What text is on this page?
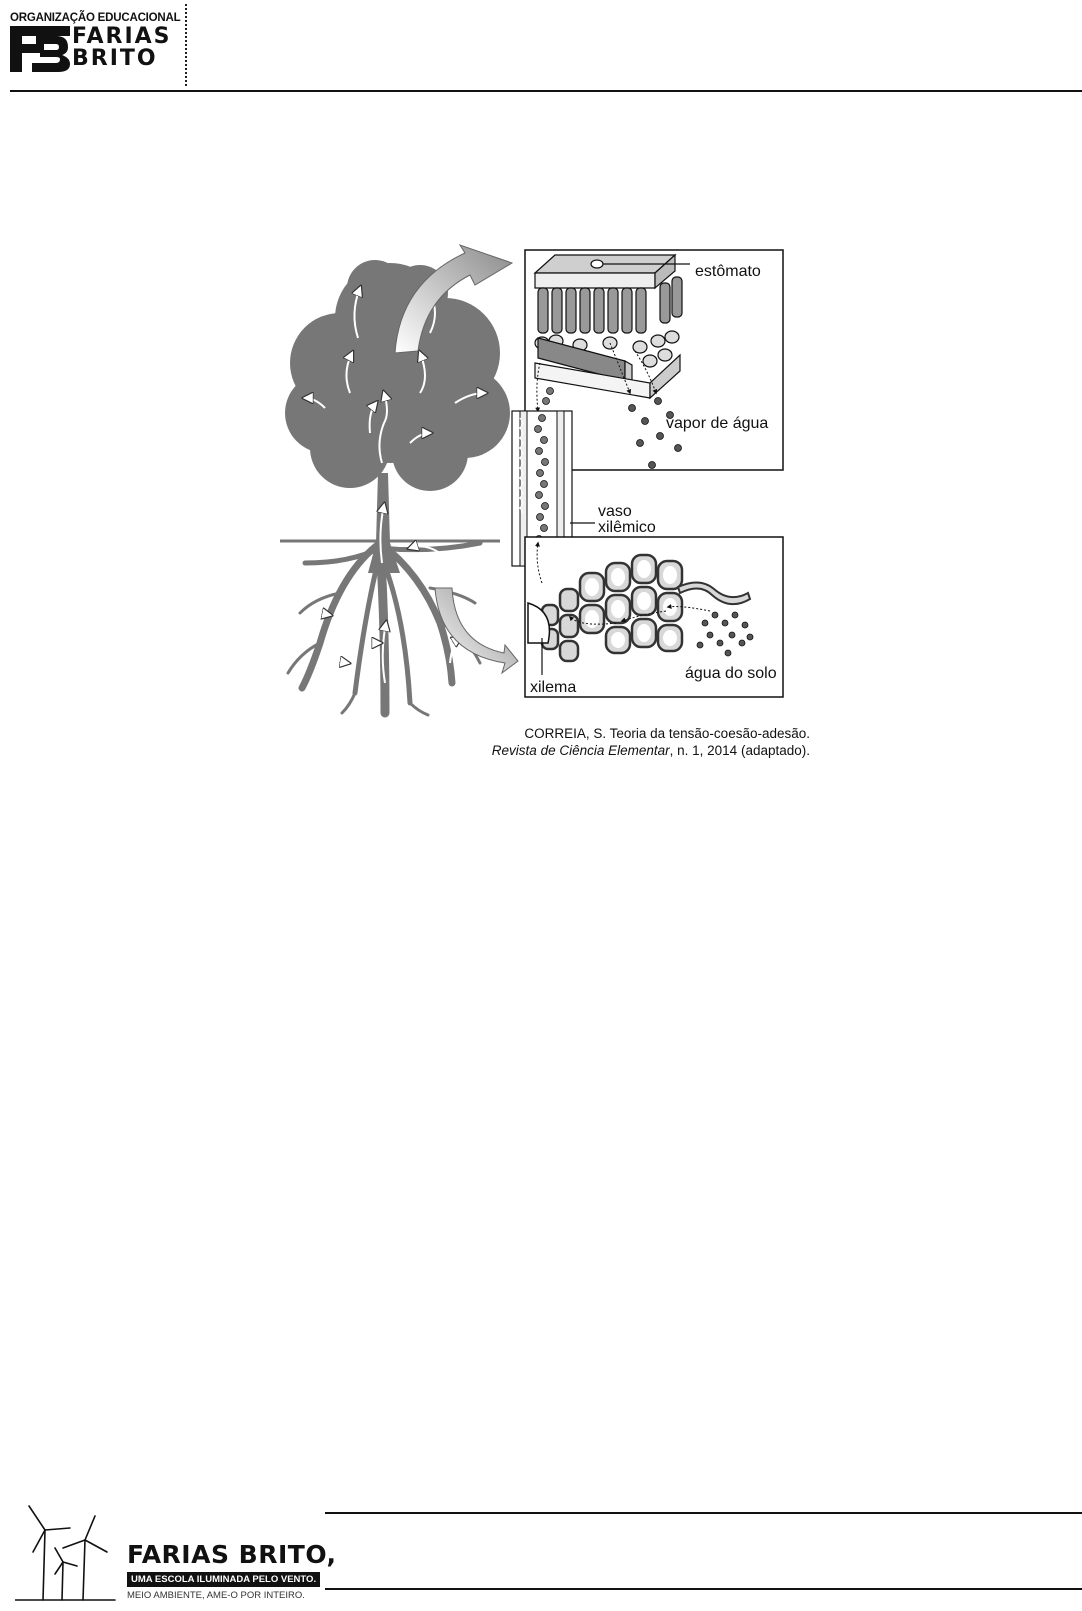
ORGANIZAÇÃO EDUCACIONAL
FARIAS
BRITO
estômato
vapor de água
vaso
xilêmico
xilema
água do solo
CORREIA, S. Teoria da tensão-coesão-adesão.
Revista de Ciência Elementar, n. 1, 2014 (adaptado).
FARIAS BRITO,
UMA ESCOLA ILUMINADA PELO VENTO.
MEIO AMBIENTE, AME-O POR INTEIRO.
